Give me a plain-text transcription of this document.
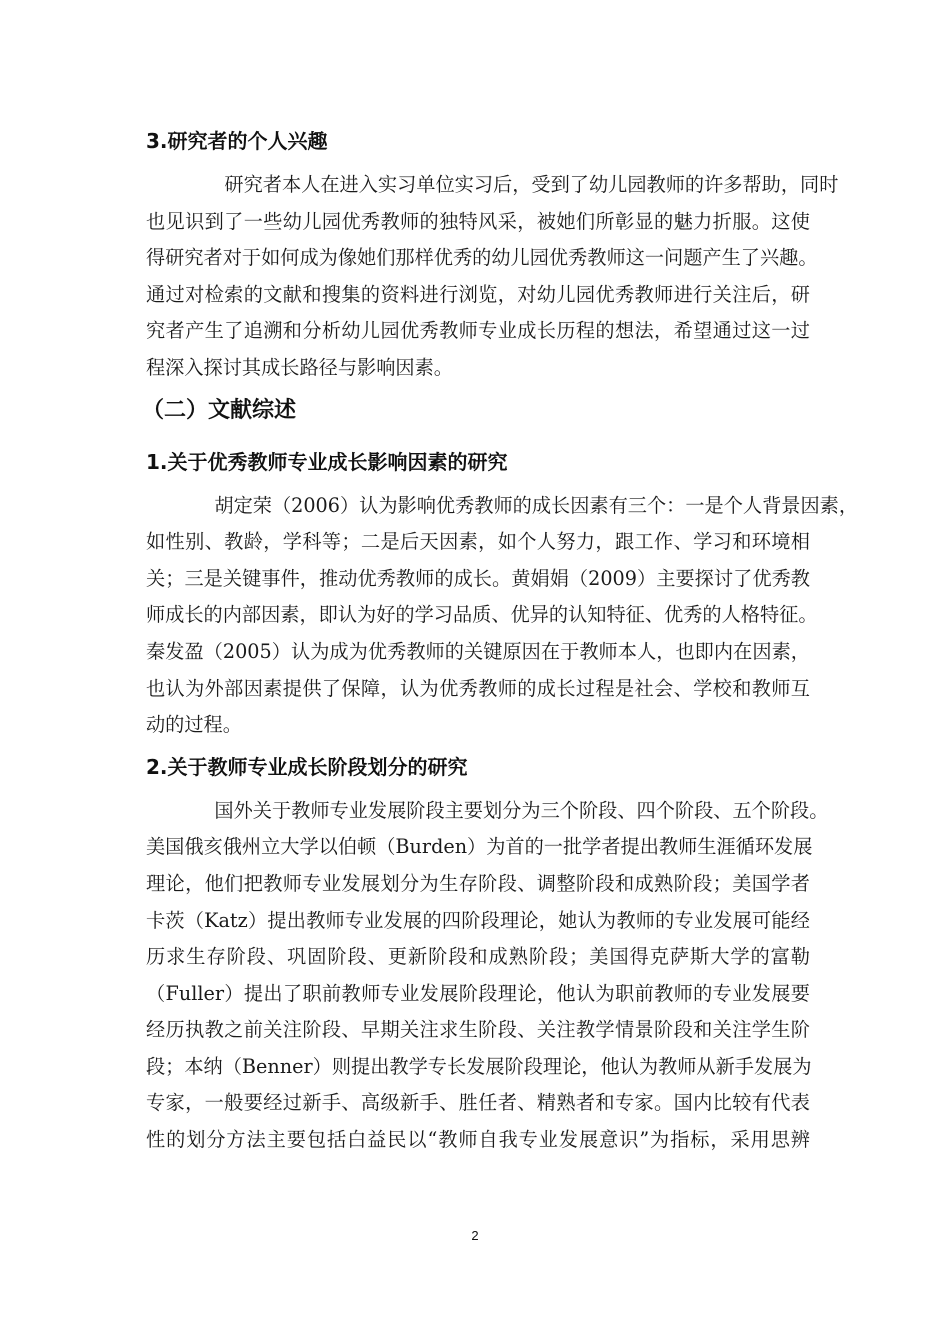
3.研究者的个人兴趣

研究者本人在进入实习单位实习后，受到了幼儿园教师的许多帮助，同时
也见识到了一些幼儿园优秀教师的独特风采，被她们所彰显的魅力折服。这使
得研究者对于如何成为像她们那样优秀的幼儿园优秀教师这一问题产生了兴趣。
通过对检索的文献和搜集的资料进行浏览，对幼儿园优秀教师进行关注后，研
究者产生了追溯和分析幼儿园优秀教师专业成长历程的想法，希望通过这一过
程深入探讨其成长路径与影响因素。

（二）文献综述
1.关于优秀教师专业成长影响因素的研究

胡定荣（2006）认为影响优秀教师的成长因素有三个：一是个人背景因素，
如性别、教龄，学科等；二是后天因素，如个人努力，跟工作、学习和环境相
关；三是关键事件，推动优秀教师的成长。黄娟娟（2009）主要探讨了优秀教
师成长的内部因素，即认为好的学习品质、优异的认知特征、优秀的人格特征。
秦发盈（2005）认为成为优秀教师的关键原因在于教师本人，也即内在因素，
也认为外部因素提供了保障，认为优秀教师的成长过程是社会、学校和教师互
动的过程。

2.关于教师专业成长阶段划分的研究

国外关于教师专业发展阶段主要划分为三个阶段、四个阶段、五个阶段。
美国俄亥俄州立大学以伯顿（Burden）为首的一批学者提出教师生涯循环发展
理论，他们把教师专业发展划分为生存阶段、调整阶段和成熟阶段；美国学者
卡茨（Katz）提出教师专业发展的四阶段理论，她认为教师的专业发展可能经
历求生存阶段、巩固阶段、更新阶段和成熟阶段；美国得克萨斯大学的富勒
（Fuller）提出了职前教师专业发展阶段理论，他认为职前教师的专业发展要
经历执教之前关注阶段、早期关注求生阶段、关注教学情景阶段和关注学生阶
段；本纳（Benner）则提出教学专长发展阶段理论，他认为教师从新手发展为
专家，一般要经过新手、高级新手、胜任者、精熟者和专家。国内比较有代表
性的划分方法主要包括白益民以“教师自我专业发展意识”为指标，采用思辨

2
